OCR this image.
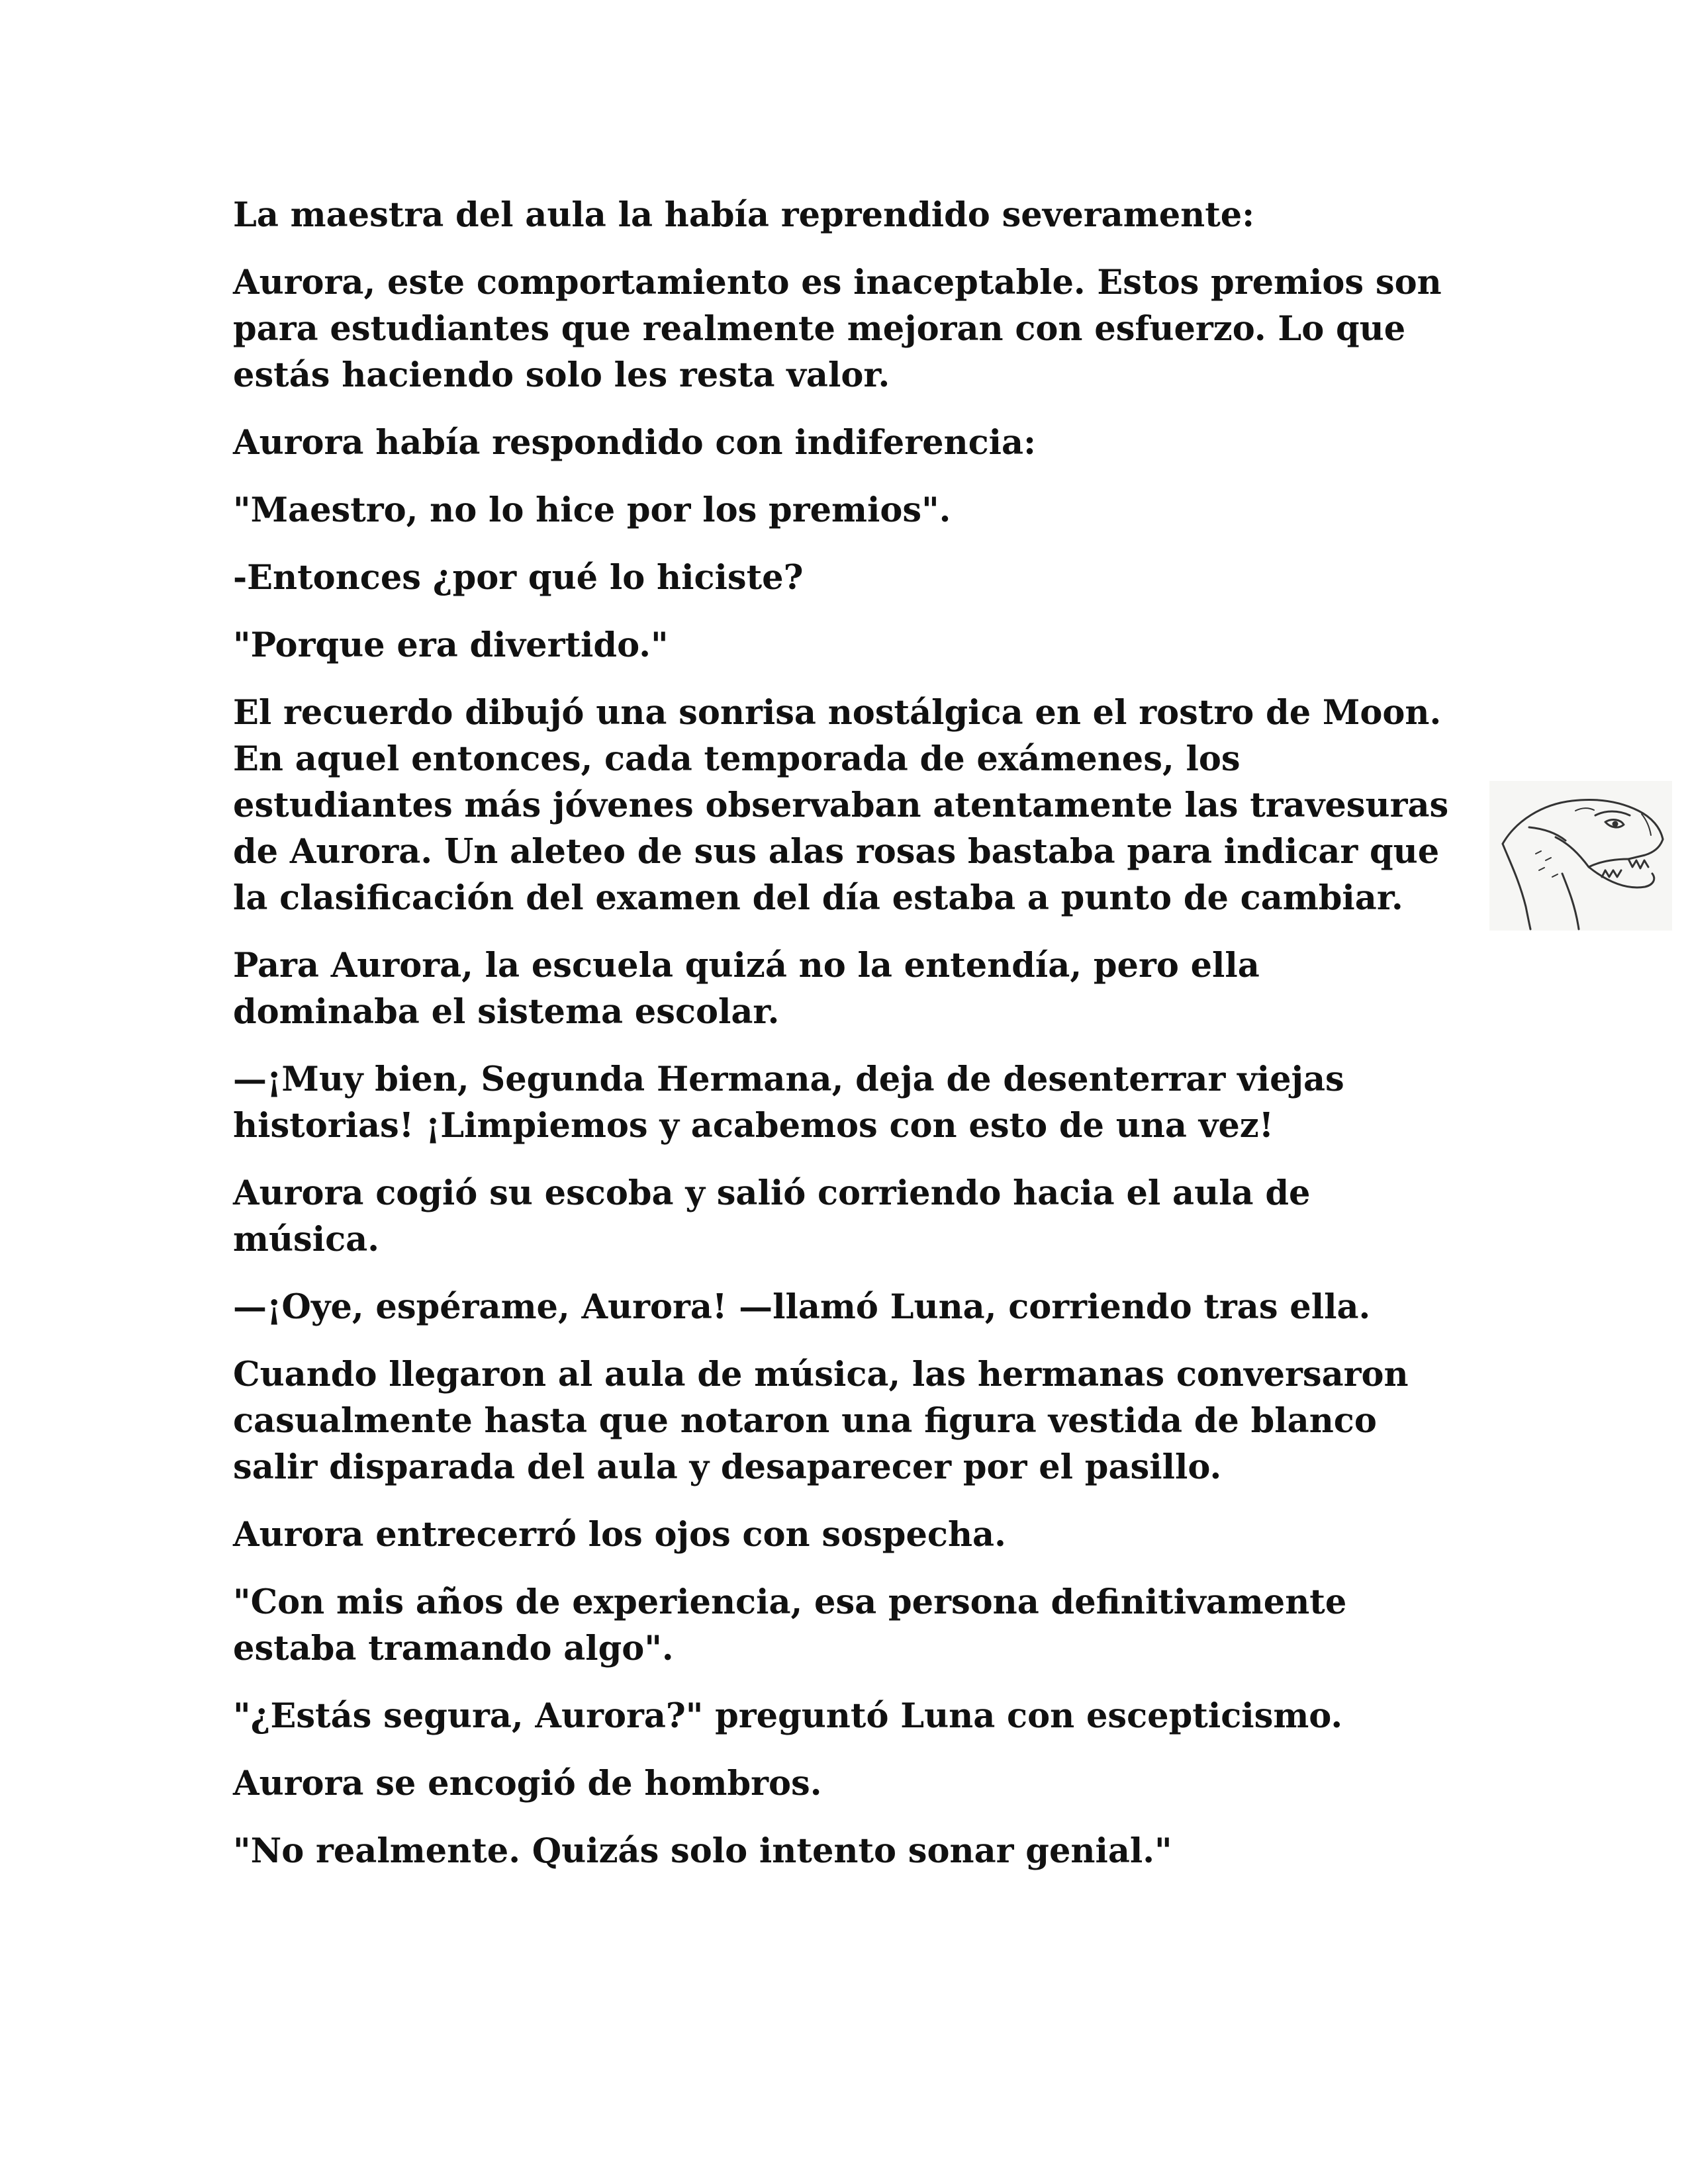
La maestra del aula la había reprendido severamente:

Aurora, este comportamiento es inaceptable. Estos premios son para estudiantes que realmente mejoran con esfuerzo. Lo que estás haciendo solo les resta valor.

Aurora había respondido con indiferencia:

"Maestro, no lo hice por los premios".

-Entonces ¿por qué lo hiciste?

"Porque era divertido."

El recuerdo dibujó una sonrisa nostálgica en el rostro de Moon. En aquel entonces, cada temporada de exámenes, los estudiantes más jóvenes observaban atentamente las travesuras de Aurora. Un aleteo de sus alas rosas bastaba para indicar que la clasificación del examen del día estaba a punto de cambiar.

Para Aurora, la escuela quizá no la entendía, pero ella dominaba el sistema escolar.

—¡Muy bien, Segunda Hermana, deja de desenterrar viejas historias! ¡Limpiemos y acabemos con esto de una vez!

Aurora cogió su escoba y salió corriendo hacia el aula de música.

—¡Oye, espérame, Aurora! —llamó Luna, corriendo tras ella.

Cuando llegaron al aula de música, las hermanas conversaron casualmente hasta que notaron una figura vestida de blanco salir disparada del aula y desaparecer por el pasillo.

Aurora entrecerró los ojos con sospecha.

"Con mis años de experiencia, esa persona definitivamente estaba tramando algo".

"¿Estás segura, Aurora?" preguntó Luna con escepticismo.

Aurora se encogió de hombros.

"No realmente. Quizás solo intento sonar genial."
